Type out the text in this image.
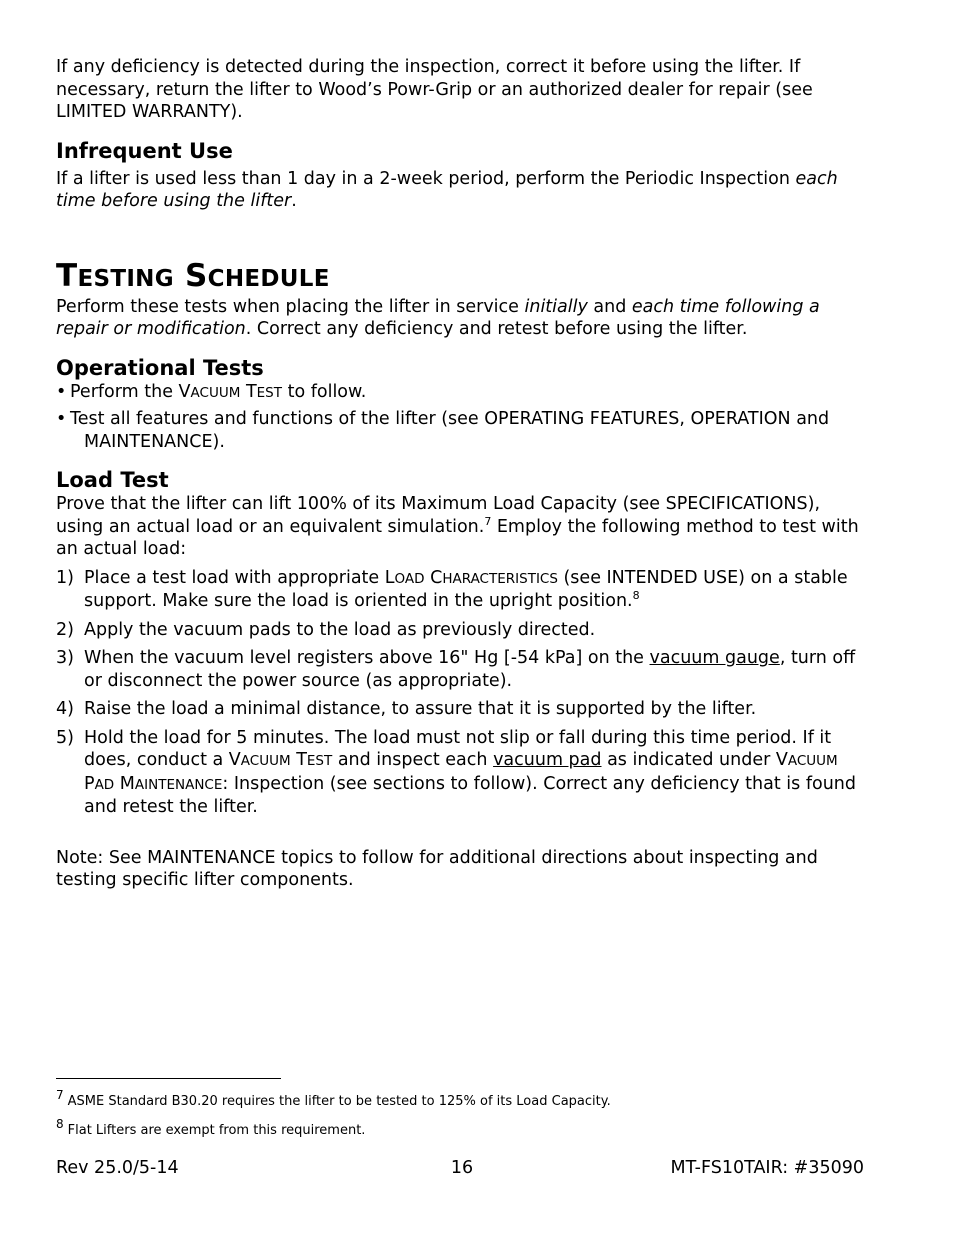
If any deficiency is detected during the inspection, correct it before using the lifter. If necessary, return the lifter to Wood’s Powr-Grip or an authorized dealer for repair (see LIMITED WARRANTY).

Infrequent Use

If a lifter is used less than 1 day in a 2-week period, perform the Periodic Inspection each time before using the lifter.

TESTING SCHEDULE

Perform these tests when placing the lifter in service initially and each time following a repair or modification. Correct any deficiency and retest before using the lifter.

Operational Tests
• Perform the VACUUM TEST to follow.
• Test all features and functions of the lifter (see OPERATING FEATURES, OPERATION and
MAINTENANCE).
Load Test

Prove that the lifter can lift 100% of its Maximum Load Capacity (see SPECIFICATIONS), using an actual load or an equivalent simulation.$^7$ Employ the following method to test with an actual load:

1) Place a test load with appropriate LOAD CHARACTERISTICS (see INTENDED USE) on a stable support. Make sure the load is oriented in the upright position.$^8$
2) Apply the vacuum pads to the load as previously directed.
3) When the vacuum level registers above 16" Hg [-54 kPa] on the vacuum gauge, turn off or disconnect the power source (as appropriate).
4) Raise the load a minimal distance, to assure that it is supported by the lifter.
5) Hold the load for 5 minutes. The load must not slip or fall during this time period. If it does, conduct a VACUUM TEST and inspect each vacuum pad as indicated under VACUUM PAD MAINTENANCE: Inspection (see sections to follow). Correct any deficiency that is found and retest the lifter.

Note: See MAINTENANCE topics to follow for additional directions about inspecting and testing specific lifter components.

$^7$ ASME Standard B30.20 requires the lifter to be tested to 125% of its Load Capacity.
$^8$ Flat Lifters are exempt from this requirement.
16
Rev 25.0/5-14	MT-FS10TAIR: #35090
